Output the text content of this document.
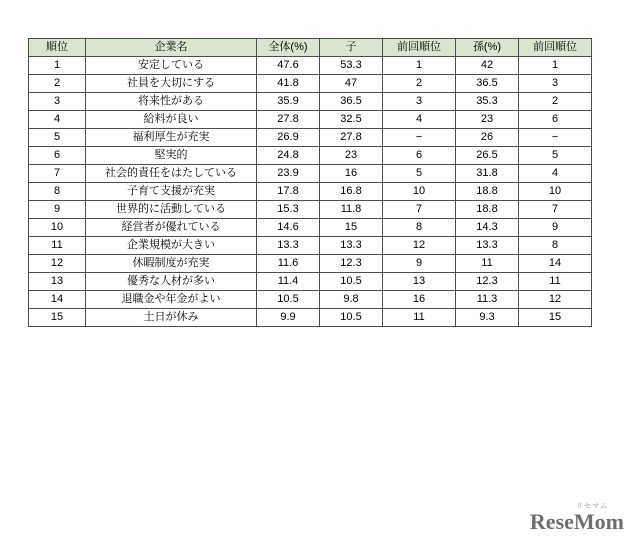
順位	企業名	全体(%)	子	前回順位	孫(%)	前回順位
1	安定している	47.6	53.3	1	42	1
2	社員を大切にする	41.8	47	2	36.5	3
3	将来性がある	35.9	36.5	3	35.3	2
4	給料が良い	27.8	32.5	4	23	6
5	福利厚生が充実	26.9	27.8	−	26	−
6	堅実的	24.8	23	6	26.5	5
7	社会的責任をはたしている	23.9	16	5	31.8	4
8	子育て支援が充実	17.8	16.8	10	18.8	10
9	世界的に活動している	15.3	11.8	7	18.8	7
10	経営者が優れている	14.6	15	8	14.3	9
11	企業規模が大きい	13.3	13.3	12	13.3	8
12	休暇制度が充実	11.6	12.3	9	11	14
13	優秀な人材が多い	11.4	10.5	13	12.3	11
14	退職金や年金がよい	10.5	9.8	16	11.3	12
15	土日が休み	9.9	10.5	11	9.3	15
リセマム
ReseMom
